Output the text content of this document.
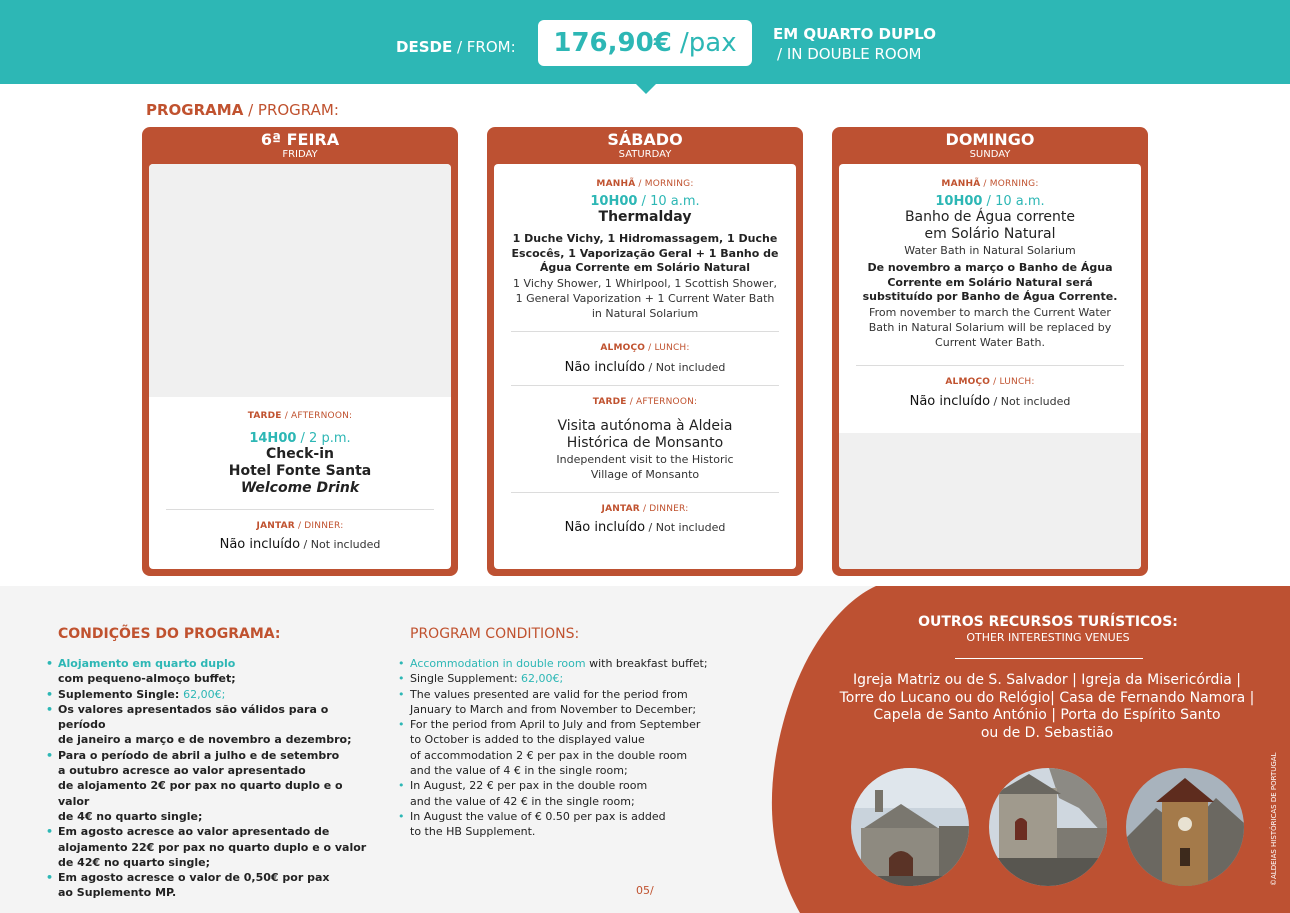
DESDE / FROM:	176,90€ /pax	EM QUARTO DUPLO
/ IN DOUBLE ROOM
PROGRAMA / PROGRAM:
6ª FEIRA
FRIDAY
TARDE / AFTERNOON:
14H00 / 2 p.m.
Check-in
Hotel Fonte Santa
Welcome Drink
JANTAR / DINNER:
Não incluído / Not included
SÁBADO
SATURDAY
MANHÃ / MORNING:
10H00 / 10 a.m.
Thermalday
1 Duche Vichy, 1 Hidromassagem, 1 Duche
Escocês, 1 Vaporização Geral + 1 Banho de
Água Corrente em Solário Natural
1 Vichy Shower, 1 Whirlpool, 1 Scottish Shower,
1 General Vaporization + 1 Current Water Bath
in Natural Solarium
ALMOÇO / LUNCH:
Não incluído / Not included
TARDE / AFTERNOON:
Visita autónoma à Aldeia
Histórica de Monsanto
Independent visit to the Historic
Village of Monsanto
JANTAR / DINNER:
Não incluído / Not included
DOMINGO
SUNDAY
MANHÃ / MORNING:
10H00 / 10 a.m.
Banho de Água corrente
em Solário Natural
Water Bath in Natural Solarium
De novembro a março o Banho de Água
Corrente em Solário Natural será
substituído por Banho de Água Corrente.
From november to march the Current Water
Bath in Natural Solarium will be replaced by
Current Water Bath.
ALMOÇO / LUNCH:
Não incluído / Not included
CONDIÇÕES DO PROGRAMA:	PROGRAM CONDITIONS:
• Alojamento em quarto duplo
com pequeno-almoço buffet;
• Suplemento Single: 62,00€;
• Os valores apresentados são válidos para o período
de janeiro a março e de novembro a dezembro;
• Para o período de abril a julho e de setembro
a outubro acresce ao valor apresentado
de alojamento 2€ por pax no quarto duplo e o valor
de 4€ no quarto single;
• Em agosto acresce ao valor apresentado de
alojamento 22€ por pax no quarto duplo e o valor
de 42€ no quarto single;
• Em agosto acresce o valor de 0,50€ por pax
ao Suplemento MP.
• Accommodation in double room with breakfast buffet;
• Single Supplement: 62,00€;
• The values presented are valid for the period from
January to March and from November to December;
• For the period from April to July and from September
to October is added to the displayed value
of accommodation 2 € per pax in the double room
and the value of 4 € in the single room;
• In August, 22 € per pax in the double room
and the value of 42 € in the single room;
• In August the value of € 0.50 per pax is added
to the HB Supplement.
05/
OUTROS RECURSOS TURÍSTICOS:
OTHER INTERESTING VENUES
Igreja Matriz ou de S. Salvador | Igreja da Misericórdia |
Torre do Lucano ou do Relógio| Casa de Fernando Namora |
Capela de Santo António | Porta do Espírito Santo
ou de D. Sebastião
©ALDEIAS HISTÓRICAS DE PORTUGAL
